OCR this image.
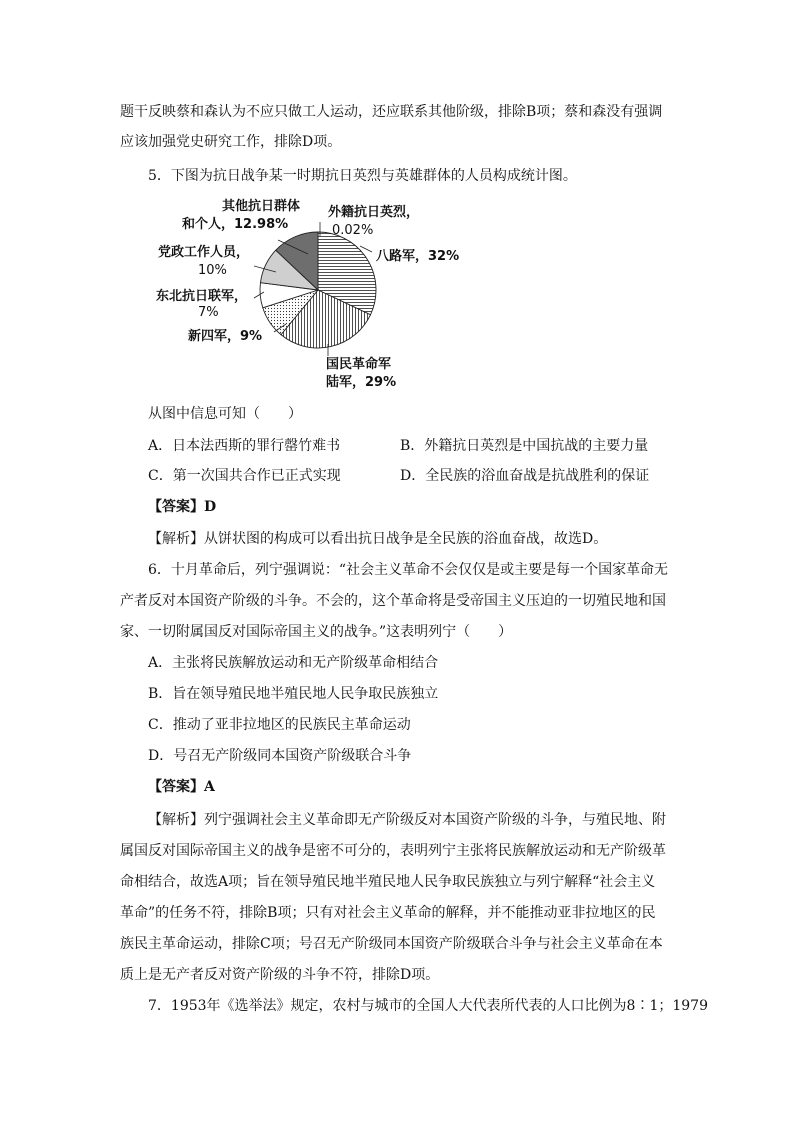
题干反映蔡和森认为不应只做工人运动，还应联系其他阶级，排除B项；蔡和森没有强调
应该加强党史研究工作，排除D项。
5．下图为抗日战争某一时期抗日英烈与英雄群体的人员构成统计图。
其他抗日群体
和个人，12.98%
外籍抗日英烈，
0.02%
八路军，32%
党政工作人员，
10%
东北抗日联军，
7%
新四军，9%
国民革命军
陆军，29%
从图中信息可知（　　）
A．日本法西斯的罪行罄竹难书	B．外籍抗日英烈是中国抗战的主要力量
C．第一次国共合作已正式实现	D．全民族的浴血奋战是抗战胜利的保证
【答案】D
【解析】从饼状图的构成可以看出抗日战争是全民族的浴血奋战，故选D。
6．十月革命后，列宁强调说：“社会主义革命不会仅仅是或主要是每一个国家革命无
产者反对本国资产阶级的斗争。不会的，这个革命将是受帝国主义压迫的一切殖民地和国
家、一切附属国反对国际帝国主义的战争。”这表明列宁（　　）
A．主张将民族解放运动和无产阶级革命相结合
B．旨在领导殖民地半殖民地人民争取民族独立
C．推动了亚非拉地区的民族民主革命运动
D．号召无产阶级同本国资产阶级联合斗争
【答案】A
【解析】列宁强调社会主义革命即无产阶级反对本国资产阶级的斗争，与殖民地、附
属国反对国际帝国主义的战争是密不可分的，表明列宁主张将民族解放运动和无产阶级革
命相结合，故选A项；旨在领导殖民地半殖民地人民争取民族独立与列宁解释“社会主义
革命”的任务不符，排除B项；只有对社会主义革命的解释，并不能推动亚非拉地区的民
族民主革命运动，排除C项；号召无产阶级同本国资产阶级联合斗争与社会主义革命在本
质上是无产者反对资产阶级的斗争不符，排除D项。
7．1953年《选举法》规定，农村与城市的全国人大代表所代表的人口比例为8∶1；1979
